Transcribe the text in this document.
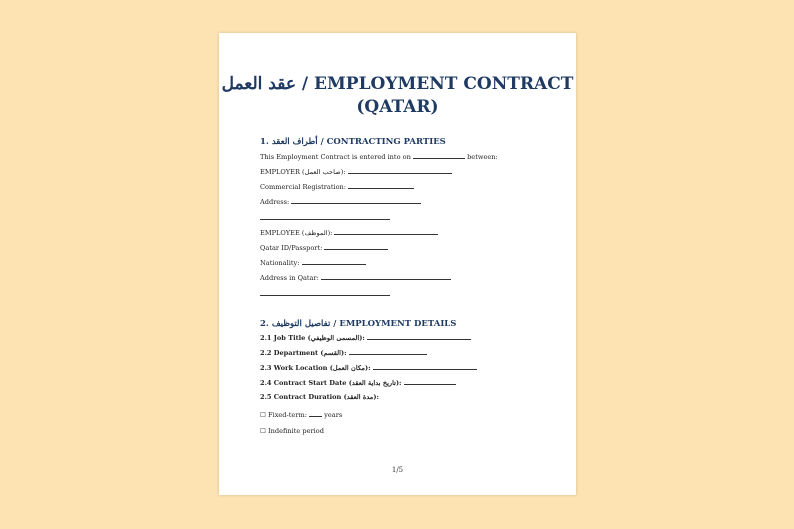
عقد العمل / EMPLOYMENT CONTRACT
(QATAR)
1. أطراف العقد / CONTRACTING PARTIES
This Employment Contract is entered into on	between:
EMPLOYER (صاحب العمل):
Commercial Registration:
Address:
EMPLOYEE (الموظف):
Qatar ID/Passport:
Nationality:
Address in Qatar:
2. تفاصيل التوظيف / EMPLOYMENT DETAILS
2.1 Job Title (المسمى الوظيفي):
2.2 Department (القسم):
2.3 Work Location (مكان العمل):
2.4 Contract Start Date (تاريخ بداية العقد):
2.5 Contract Duration (مدة العقد):
☐ Fixed-term:	years
☐ Indefinite period
1/5
